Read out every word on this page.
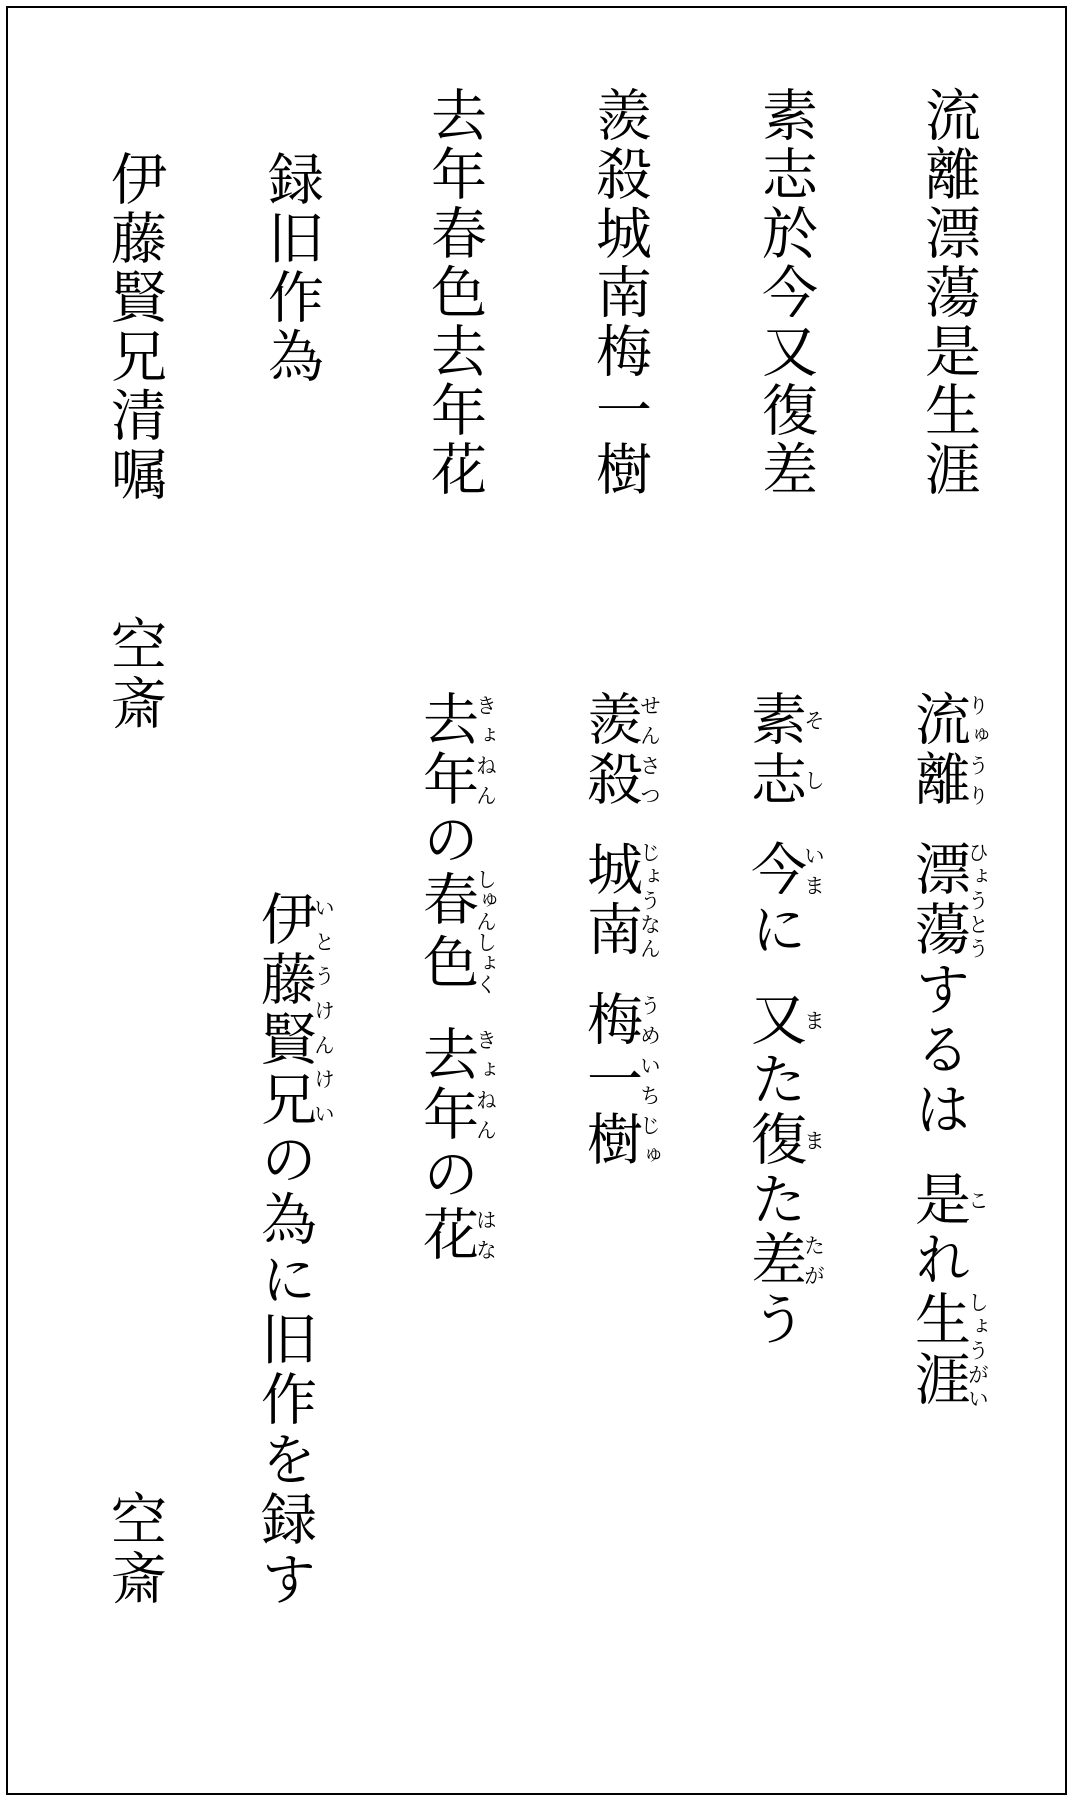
流離漂蕩是生涯
素志於今又復差
羨殺城南梅一樹
去年春色去年花
録旧作為
伊藤賢兄清嘱
空斎
流離りゅうり漂蕩ひょうとうするは是これ生涯しょうがい
素志そし今いまに又また復また差たがう
羨殺せんさつ城南じょうなん梅一樹うめいちじゅ
去年きょねんの春色しゅんしょく去年きょねんの花はな
伊藤賢兄いとうけんけいの為に旧作を録す
空斎
